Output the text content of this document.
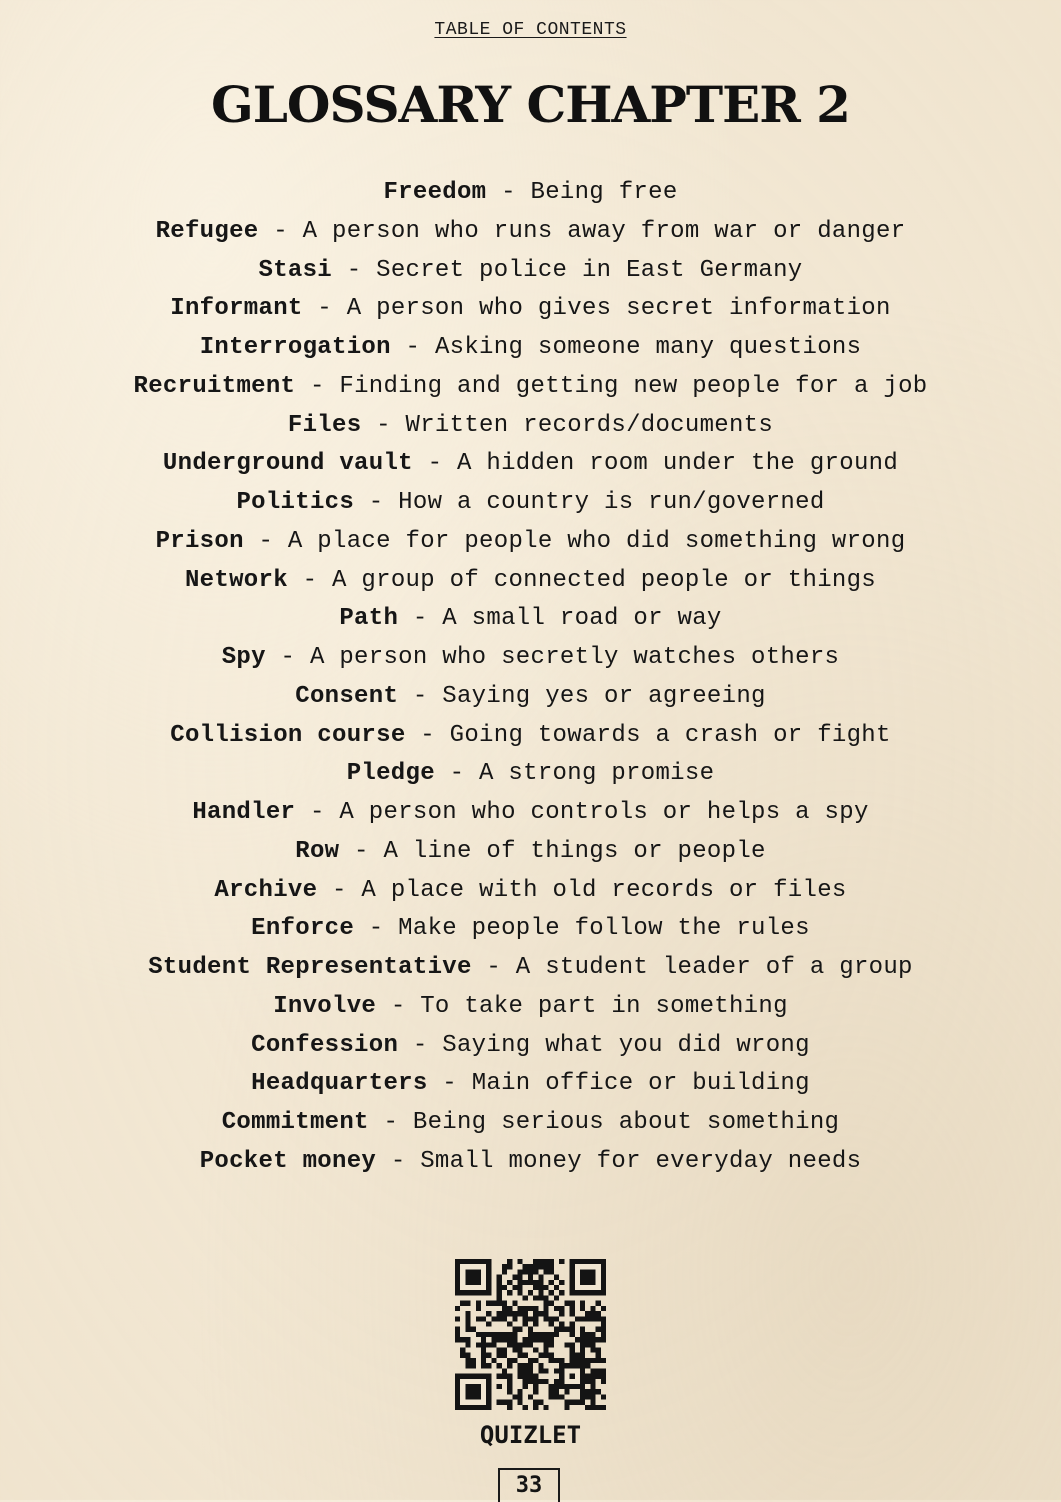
TABLE OF CONTENTS
GLOSSARY CHAPTER 2
Freedom - Being free
Refugee - A person who runs away from war or danger
Stasi - Secret police in East Germany
Informant - A person who gives secret information
Interrogation - Asking someone many questions
Recruitment - Finding and getting new people for a job
Files - Written records/documents
Underground vault - A hidden room under the ground
Politics - How a country is run/governed
Prison - A place for people who did something wrong
Network - A group of connected people or things
Path - A small road or way
Spy - A person who secretly watches others
Consent - Saying yes or agreeing
Collision course - Going towards a crash or fight
Pledge - A strong promise
Handler - A person who controls or helps a spy
Row - A line of things or people
Archive - A place with old records or files
Enforce - Make people follow the rules
Student Representative - A student leader of a group
Involve - To take part in something
Confession - Saying what you did wrong
Headquarters - Main office or building
Commitment - Being serious about something
Pocket money - Small money for everyday needs
QUIZLET
33
